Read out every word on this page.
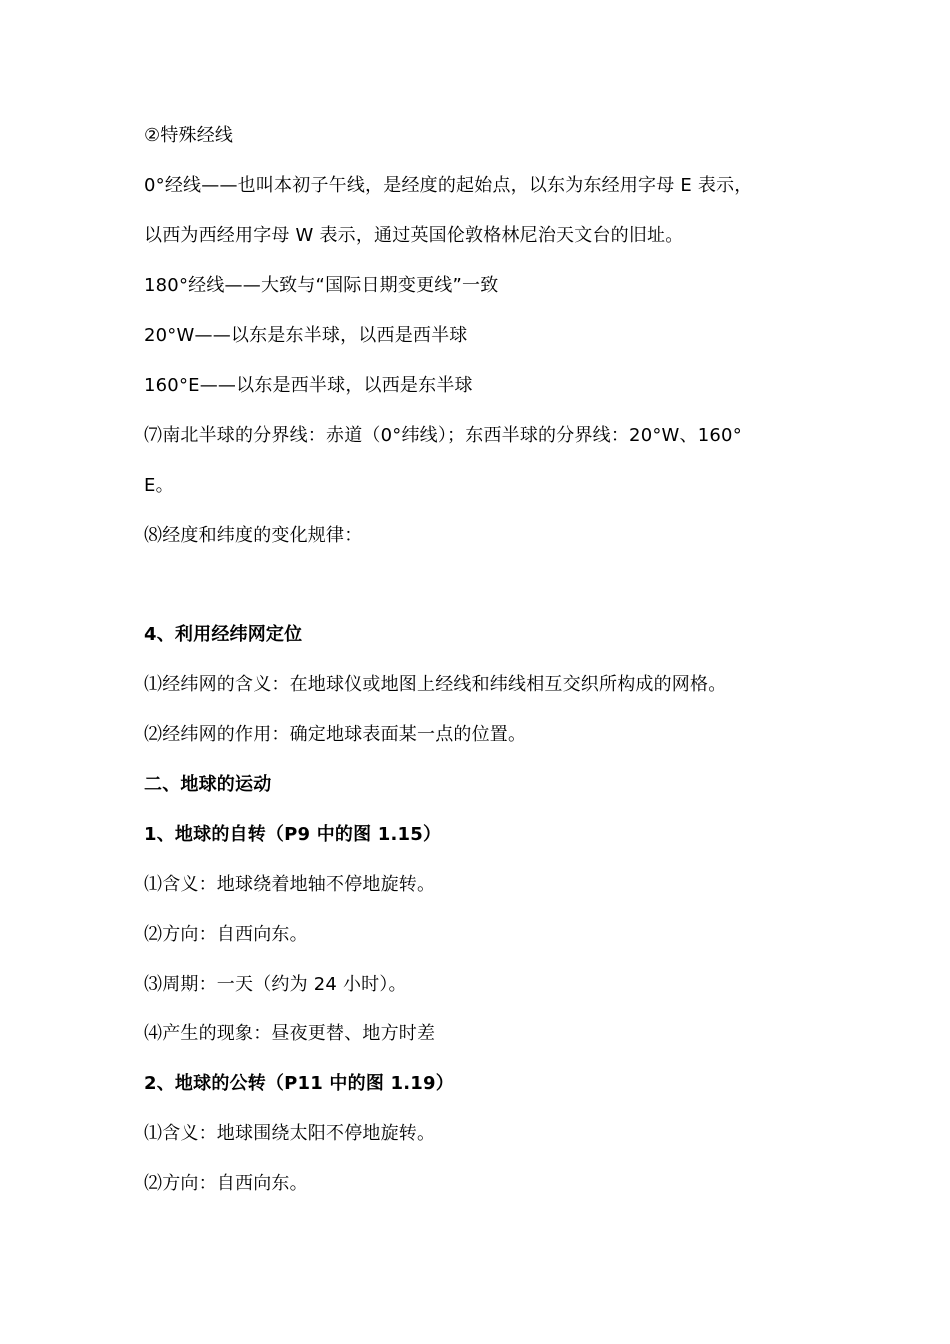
②特殊经线
0°经线——也叫本初子午线，是经度的起始点，以东为东经用字母 E 表示，
以西为西经用字母 W 表示，通过英国伦敦格林尼治天文台的旧址。
180°经线——大致与“国际日期变更线”一致
20°W——以东是东半球，以西是西半球
160°E——以东是西半球，以西是东半球
⑺南北半球的分界线：赤道（0°纬线）；东西半球的分界线：20°W、160°
E。
⑻经度和纬度的变化规律：
4、利用经纬网定位
⑴经纬网的含义：在地球仪或地图上经线和纬线相互交织所构成的网格。
⑵经纬网的作用：确定地球表面某一点的位置。
二、地球的运动
1、地球的自转（P9 中的图 1.15）
⑴含义：地球绕着地轴不停地旋转。
⑵方向：自西向东。
⑶周期：一天（约为 24 小时）。
⑷产生的现象：昼夜更替、地方时差
2、地球的公转（P11 中的图 1.19）
⑴含义：地球围绕太阳不停地旋转。
⑵方向：自西向东。
